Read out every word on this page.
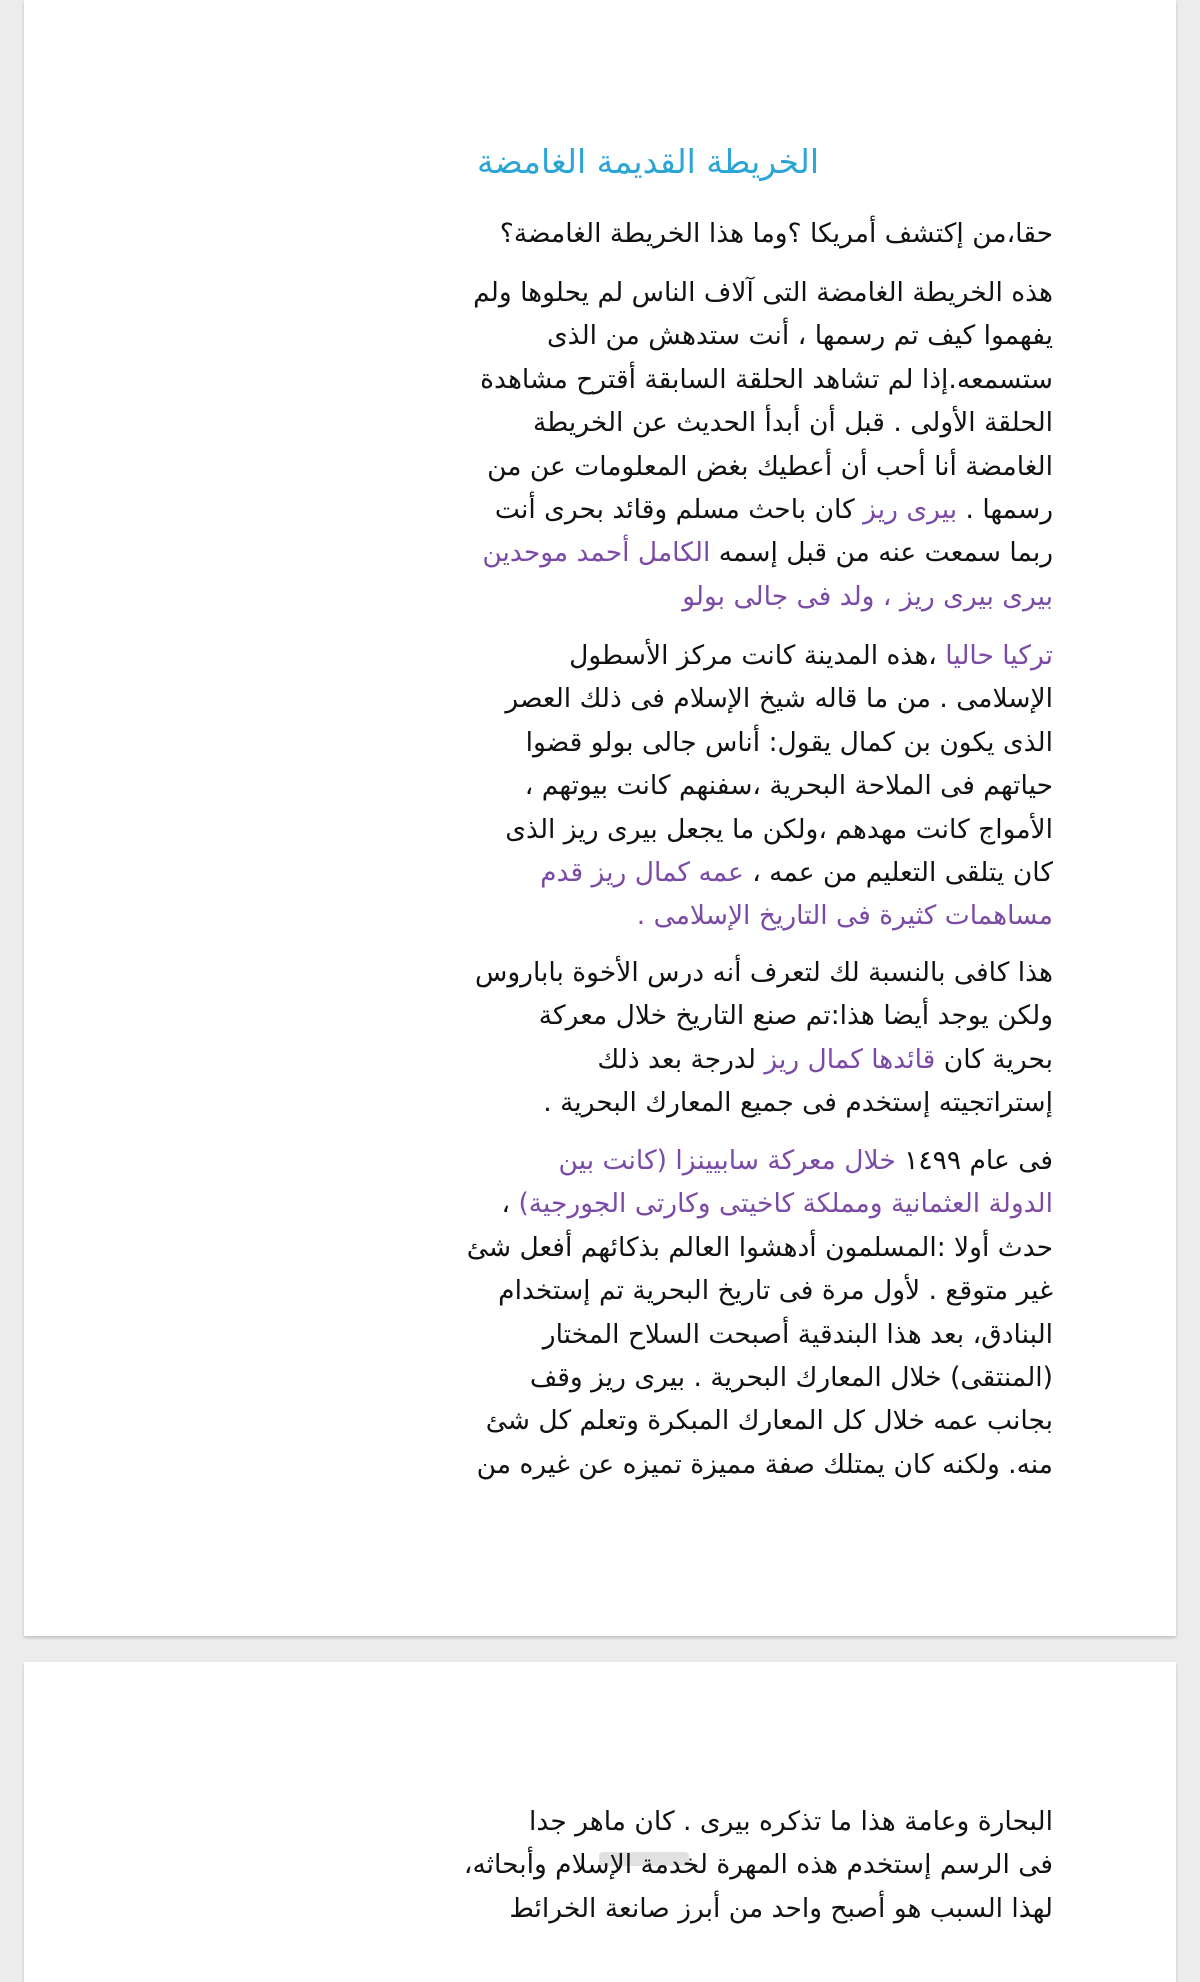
الخريطة القديمة الغامضة
حقا،من إكتشف أمريكا ؟وما هذا الخريطة الغامضة؟
هذه الخريطة الغامضة التى آلاف الناس لم يحلوها ولم
يفهموا كيف تم رسمها ، أنت ستدهش من الذى
ستسمعه.إذا لم تشاهد الحلقة السابقة أقترح مشاهدة
الحلقة الأولى . قبل أن أبدأ الحديث عن الخريطة
الغامضة أنا أحب أن أعطيك بغض المعلومات عن من
رسمها . بيرى ريز كان باحث مسلم وقائد بحرى أنت
ربما سمعت عنه من قبل إسمه الكامل أحمد موحدين
بيرى بيرى ريز ، ولد فى جالى بولو
تركيا حاليا ،هذه المدينة كانت مركز الأسطول
الإسلامى . من ما قاله شيخ الإسلام فى ذلك العصر
الذى يكون بن كمال يقول: أناس جالى بولو قضوا
حياتهم فى الملاحة البحرية ،سفنهم كانت بيوتهم ،
الأمواج كانت مهدهم ،ولكن ما يجعل بيرى ريز الذى
كان يتلقى التعليم من عمه ، عمه كمال ريز قدم
مساهمات كثيرة فى التاريخ الإسلامى .
هذا كافى بالنسبة لك لتعرف أنه درس الأخوة باباروس
ولكن يوجد أيضا هذا:تم صنع التاريخ خلال معركة
بحرية كان قائدها كمال ريز لدرجة بعد ذلك
إستراتجيته إستخدم فى جميع المعارك البحرية .
فى عام ١٤٩٩ خلال معركة سابيينزا (كانت بين
الدولة العثمانية ومملكة كاخيتى وكارتى الجورجية) ،
حدث أولا :المسلمون أدهشوا العالم بذكائهم أفعل شئ
غير متوقع . لأول مرة فى تاريخ البحرية تم إستخدام
البنادق، بعد هذا البندقية أصبحت السلاح المختار
(المنتقى) خلال المعارك البحرية . بيرى ريز وقف
بجانب عمه خلال كل المعارك المبكرة وتعلم كل شئ
منه. ولكنه كان يمتلك صفة مميزة تميزه عن غيره من
البحارة وعامة هذا ما تذكره بيرى . كان ماهر جدا
فى الرسم إستخدم هذه المهرة لخدمة الإسلام وأبحاثه،
لهذا السبب هو أصبح واحد من أبرز صانعة الخرائط
